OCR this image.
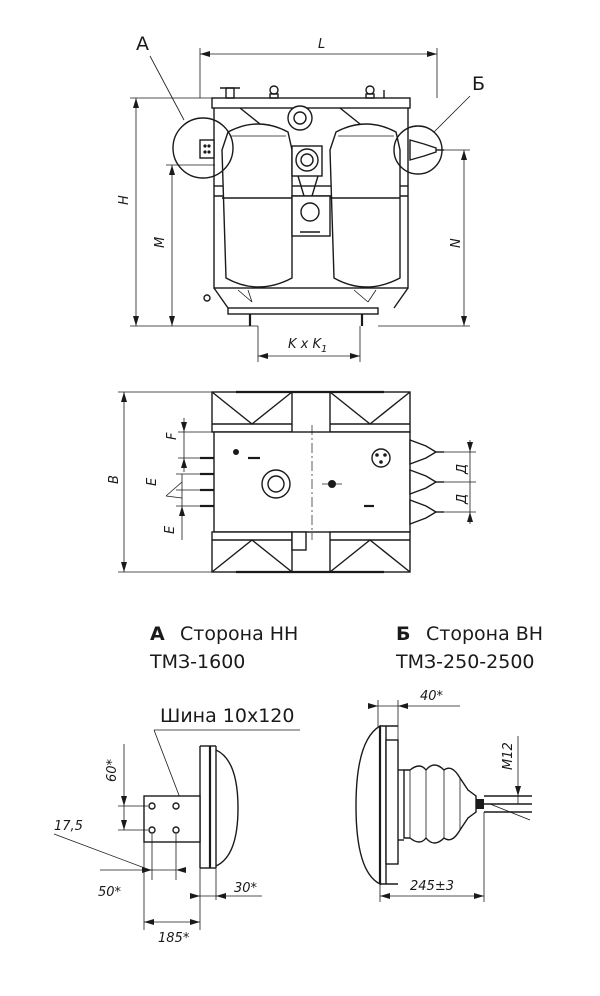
L
H
M	N
K x $K_1$
А
Б
B
F
E
E
Д
Д
А Сторона НН
ТМЗ-1600
Шина 10х120
60*
17,5
50*	30*
185*
Б Сторона ВН
ТМЗ-250-2500
40*
M12
245±3
